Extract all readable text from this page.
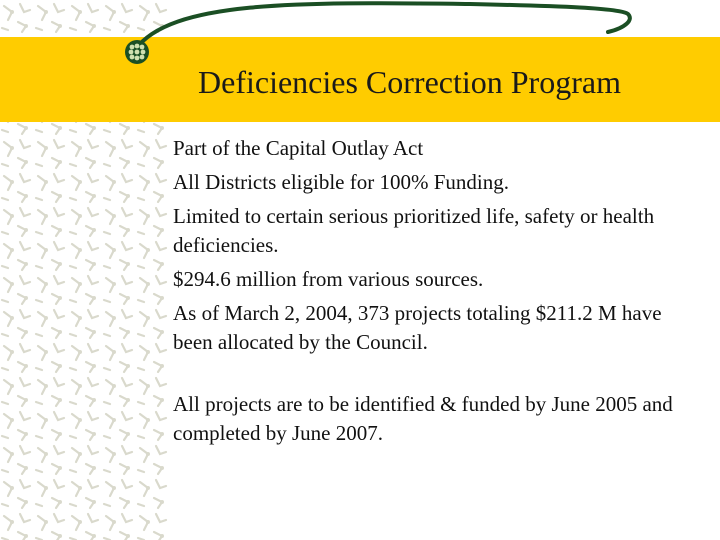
Deficiencies Correction Program

Part of the Capital Outlay Act

All Districts eligible for 100% Funding.

Limited to certain serious prioritized life, safety or health deficiencies.

$294.6 million from various sources.

As of March 2, 2004, 373 projects totaling $211.2 M have been allocated by the Council.

All projects are to be identified & funded by June 2005 and completed by June 2007.
